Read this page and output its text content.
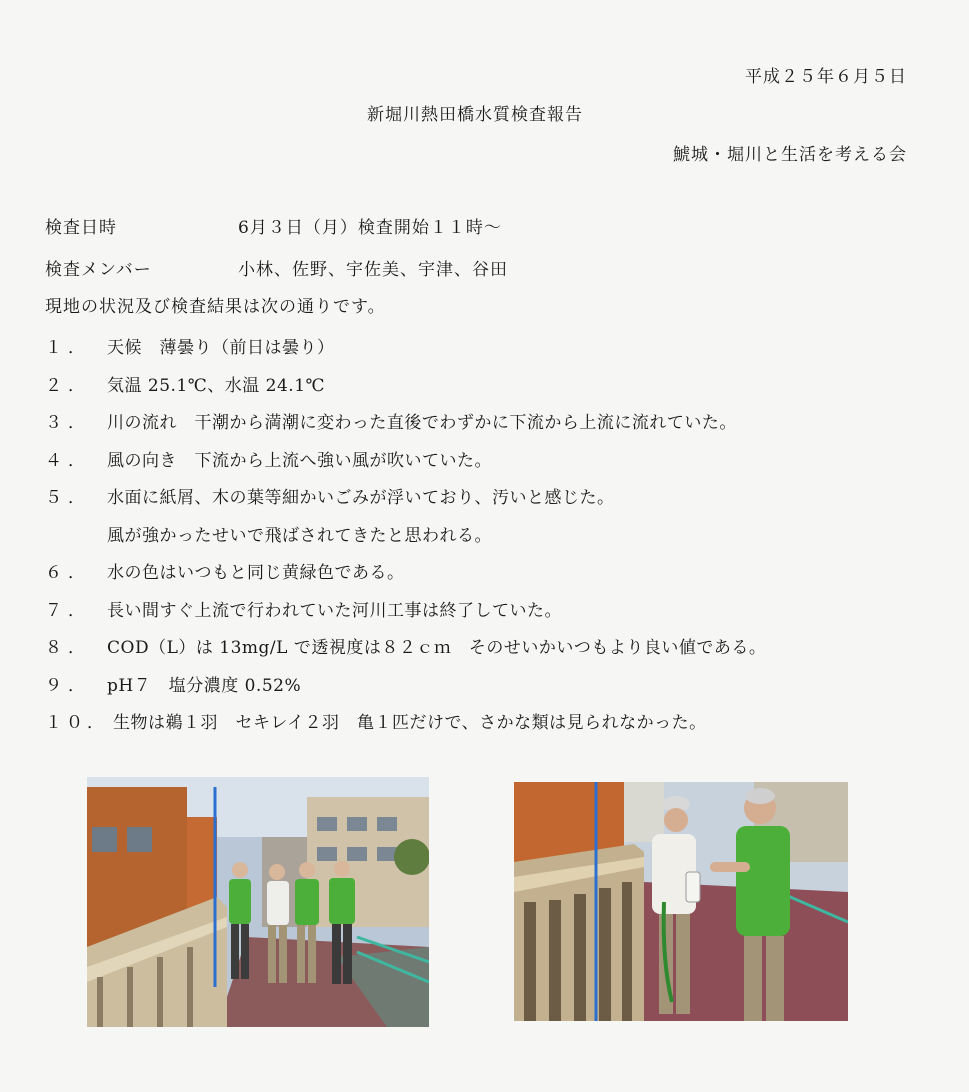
平成２５年６月５日
新堀川熱田橋水質検査報告
鯱城・堀川と生活を考える会
検査日時	6月３日（月）検査開始１１時～
検査メンバー	小林、佐野、宇佐美、宇津、谷田
現地の状況及び検査結果は次の通りです。
１． 天候　薄曇り（前日は曇り）
２． 気温 25.1℃、水温 24.1℃
３． 川の流れ　干潮から満潮に変わった直後でわずかに下流から上流に流れていた。
４． 風の向き　下流から上流へ強い風が吹いていた。
５． 水面に紙屑、木の葉等細かいごみが浮いており、汚いと感じた。
風が強かったせいで飛ばされてきたと思われる。
６． 水の色はいつもと同じ黄緑色である。
７． 長い間すぐ上流で行われていた河川工事は終了していた。
８． COD（L）は 13mg/L で透視度は８２ｃｍ　そのせいかいつもより良い値である。
９． pH７　塩分濃度 0.52%
１０． 生物は鵜１羽　セキレイ２羽　亀１匹だけで、さかな類は見られなかった。
